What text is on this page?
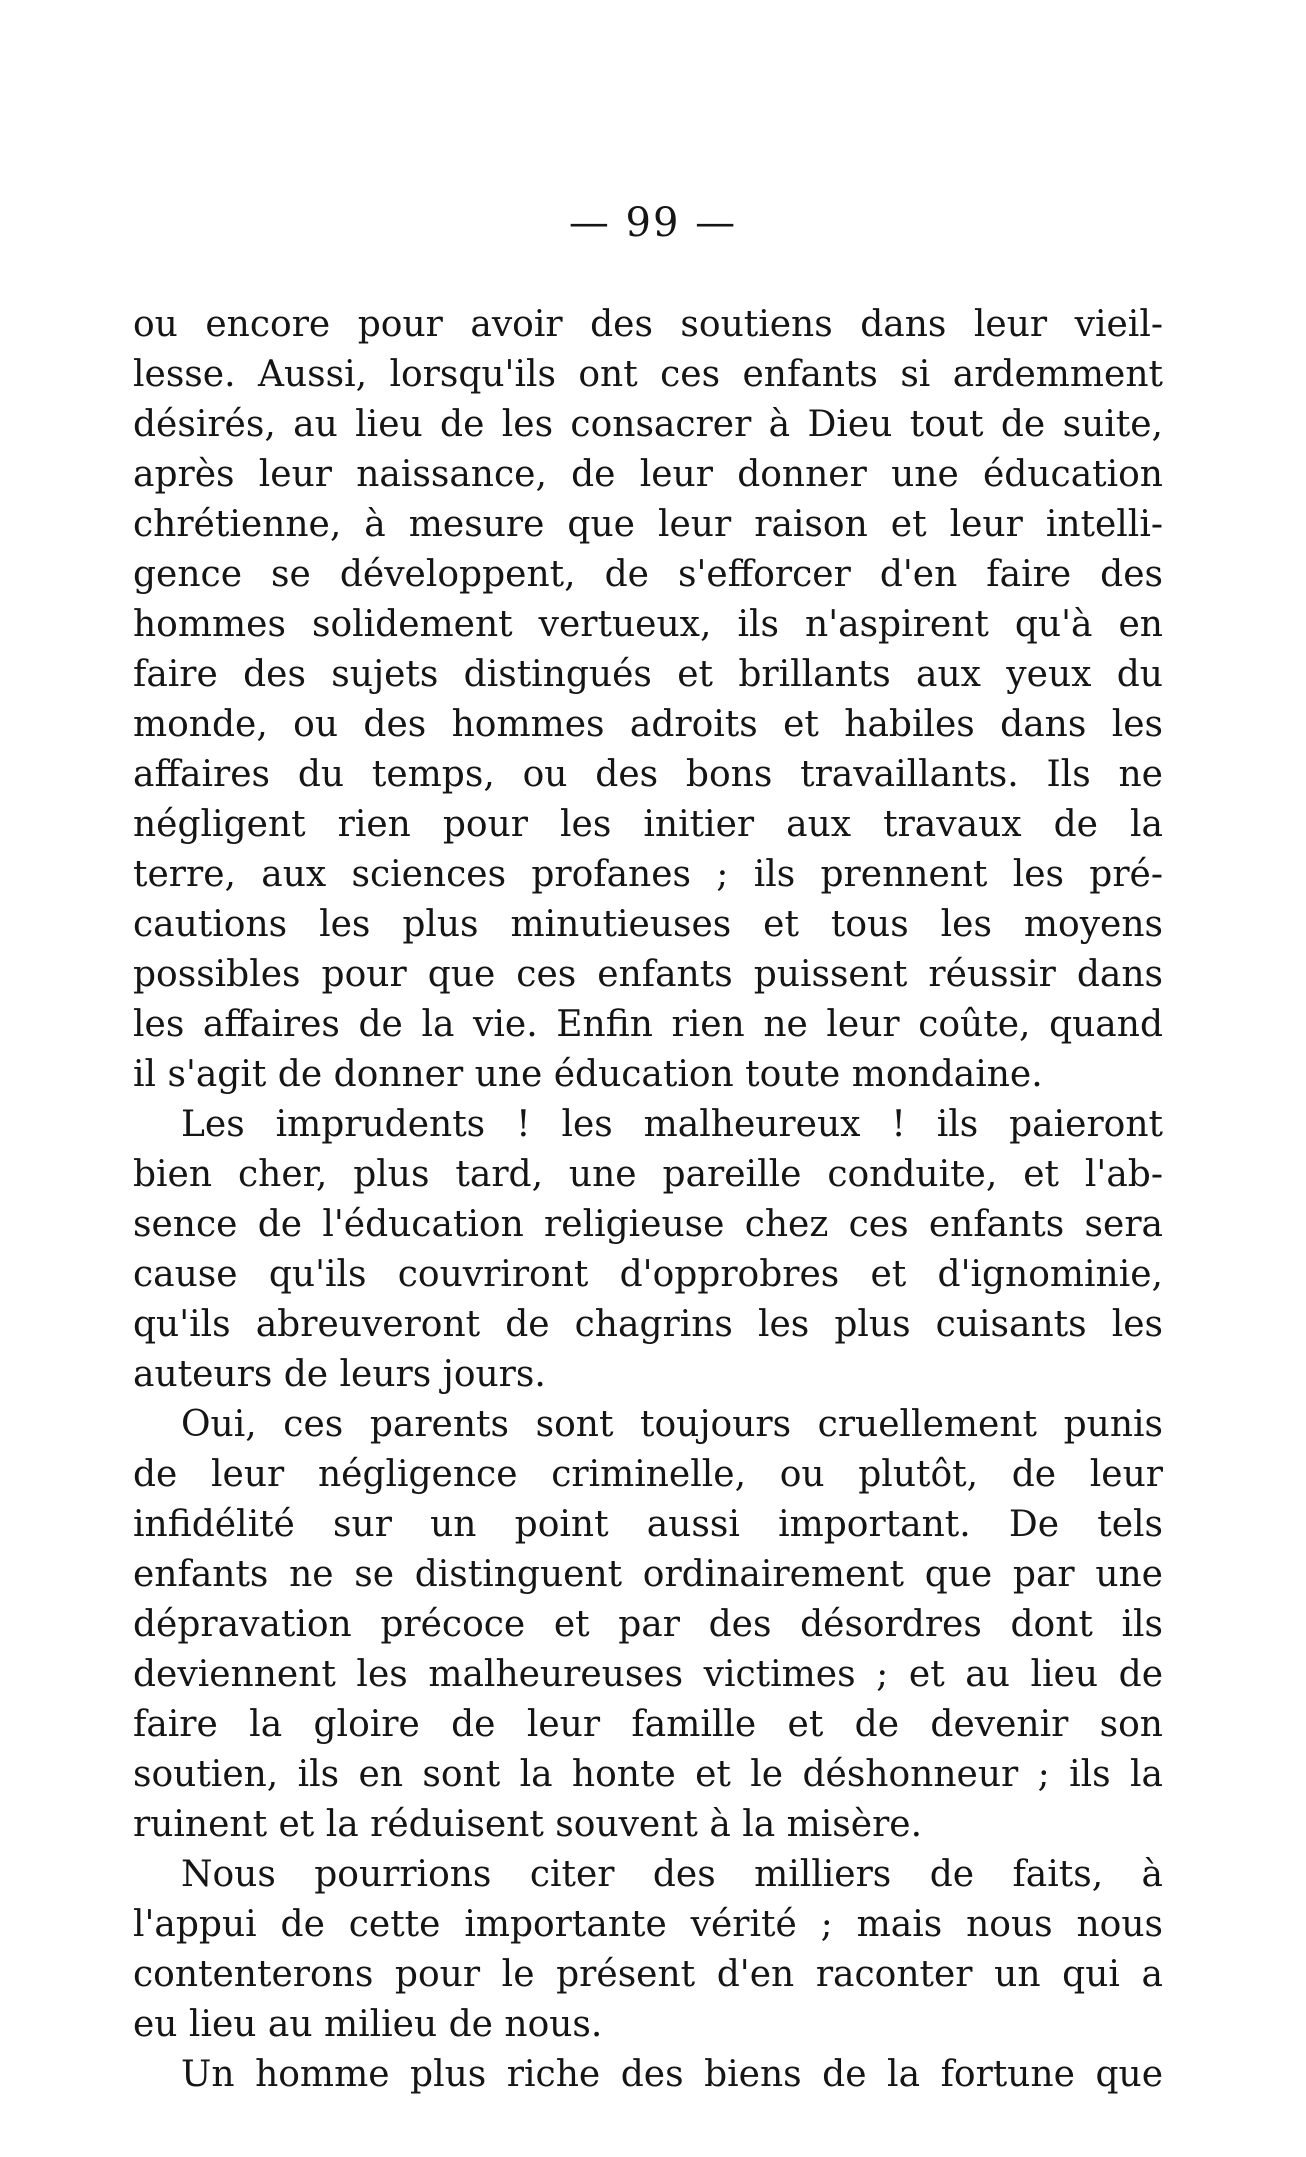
— 99 —
ou encore pour avoir des soutiens dans leur vieil-
lesse. Aussi, lorsqu'ils ont ces enfants si ardemment
désirés, au lieu de les consacrer à Dieu tout de suite,
après leur naissance, de leur donner une éducation
chrétienne, à mesure que leur raison et leur intelli-
gence se développent, de s'efforcer d'en faire des
hommes solidement vertueux, ils n'aspirent qu'à en
faire des sujets distingués et brillants aux yeux du
monde, ou des hommes adroits et habiles dans les
affaires du temps, ou des bons travaillants. Ils ne
négligent rien pour les initier aux travaux de la
terre, aux sciences profanes ; ils prennent les pré-
cautions les plus minutieuses et tous les moyens
possibles pour que ces enfants puissent réussir dans
les affaires de la vie. Enfin rien ne leur coûte, quand
il s'agit de donner une éducation toute mondaine.
Les imprudents ! les malheureux ! ils paieront
bien cher, plus tard, une pareille conduite, et l'ab-
sence de l'éducation religieuse chez ces enfants sera
cause qu'ils couvriront d'opprobres et d'ignominie,
qu'ils abreuveront de chagrins les plus cuisants les
auteurs de leurs jours.
Oui, ces parents sont toujours cruellement punis
de leur négligence criminelle, ou plutôt, de leur
infidélité sur un point aussi important. De tels
enfants ne se distinguent ordinairement que par une
dépravation précoce et par des désordres dont ils
deviennent les malheureuses victimes ; et au lieu de
faire la gloire de leur famille et de devenir son
soutien, ils en sont la honte et le déshonneur ; ils la
ruinent et la réduisent souvent à la misère.
Nous pourrions citer des milliers de faits, à
l'appui de cette importante vérité ; mais nous nous
contenterons pour le présent d'en raconter un qui a
eu lieu au milieu de nous.
Un homme plus riche des biens de la fortune que
